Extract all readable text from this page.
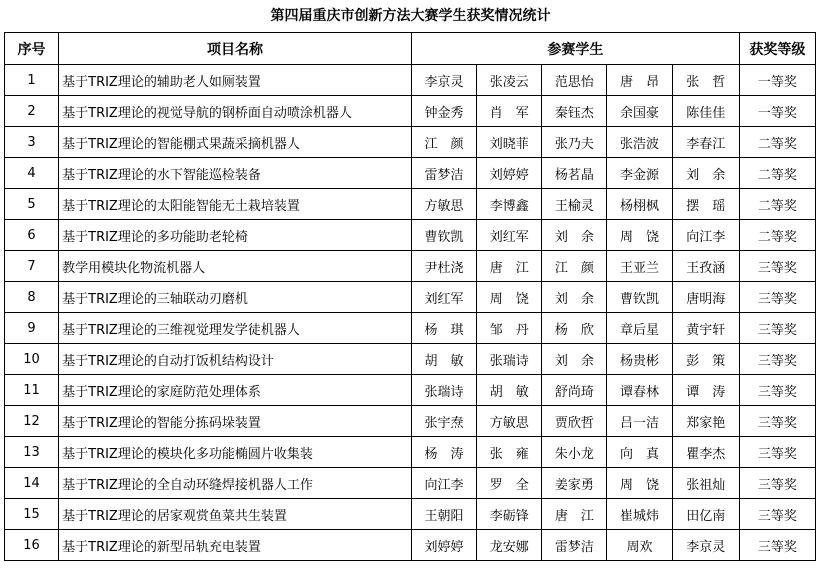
第四届重庆市创新方法大赛学生获奖情况统计
序号	项目名称	参赛学生					获奖等级
1	基于TRIZ理论的辅助老人如厕装置	李京灵	张凌云	范思怡	唐　昂	张　哲	一等奖
2	基于TRIZ理论的视觉导航的钢桥面自动喷涂机器人	钟金秀	肖　军	秦钰杰	余国豪	陈佳佳	一等奖
3	基于TRIZ理论的智能棚式果蔬采摘机器人	江　颜	刘晓菲	张乃夫	张浩波	李春江	二等奖
4	基于TRIZ理论的水下智能巡检装备	雷梦洁	刘婷婷	杨茗晶	李金源	刘　余	二等奖
5	基于TRIZ理论的太阳能智能无土栽培装置	方敏思	李博鑫	王榆灵	杨栩枫	摆　瑶	二等奖
6	基于TRIZ理论的多功能助老轮椅	曹钦凯	刘红军	刘　余	周　饶	向江李	二等奖
7	教学用模块化物流机器人	尹杜浇	唐　江	江　颜	王亚兰	王孜涵	三等奖
8	基于TRIZ理论的三轴联动刃磨机	刘红军	周　饶	刘　余	曹钦凯	唐明海	三等奖
9	基于TRIZ理论的三维视觉理发学徒机器人	杨　琪	邹　丹	杨　欣	章后星	黄宇轩	三等奖
10	基于TRIZ理论的自动打饭机结构设计	胡　敏	张瑞诗	刘　余	杨贵彬	彭　策	三等奖
11	基于TRIZ理论的家庭防范处理体系	张瑞诗	胡　敏	舒尚琦	谭春林	谭　涛	三等奖
12	基于TRIZ理论的智能分拣码垛装置	张宇焘	方敏思	贾欣哲	吕一洁	郑家艳	三等奖
13	基于TRIZ理论的模块化多功能椭圆片收集装	杨　涛	张　雍	朱小龙	向　真	瞿李杰	三等奖
14	基于TRIZ理论的全自动环缝焊接机器人工作	向江李	罗　全	姜家勇	周　饶	张祖灿	三等奖
15	基于TRIZ理论的居家观赏鱼菜共生装置	王朝阳	李砺锋	唐　江	崔城炜	田亿南	三等奖
16	基于TRIZ理论的新型吊轨充电装置	刘婷婷	龙安娜	雷梦洁	周欢	李京灵	三等奖
